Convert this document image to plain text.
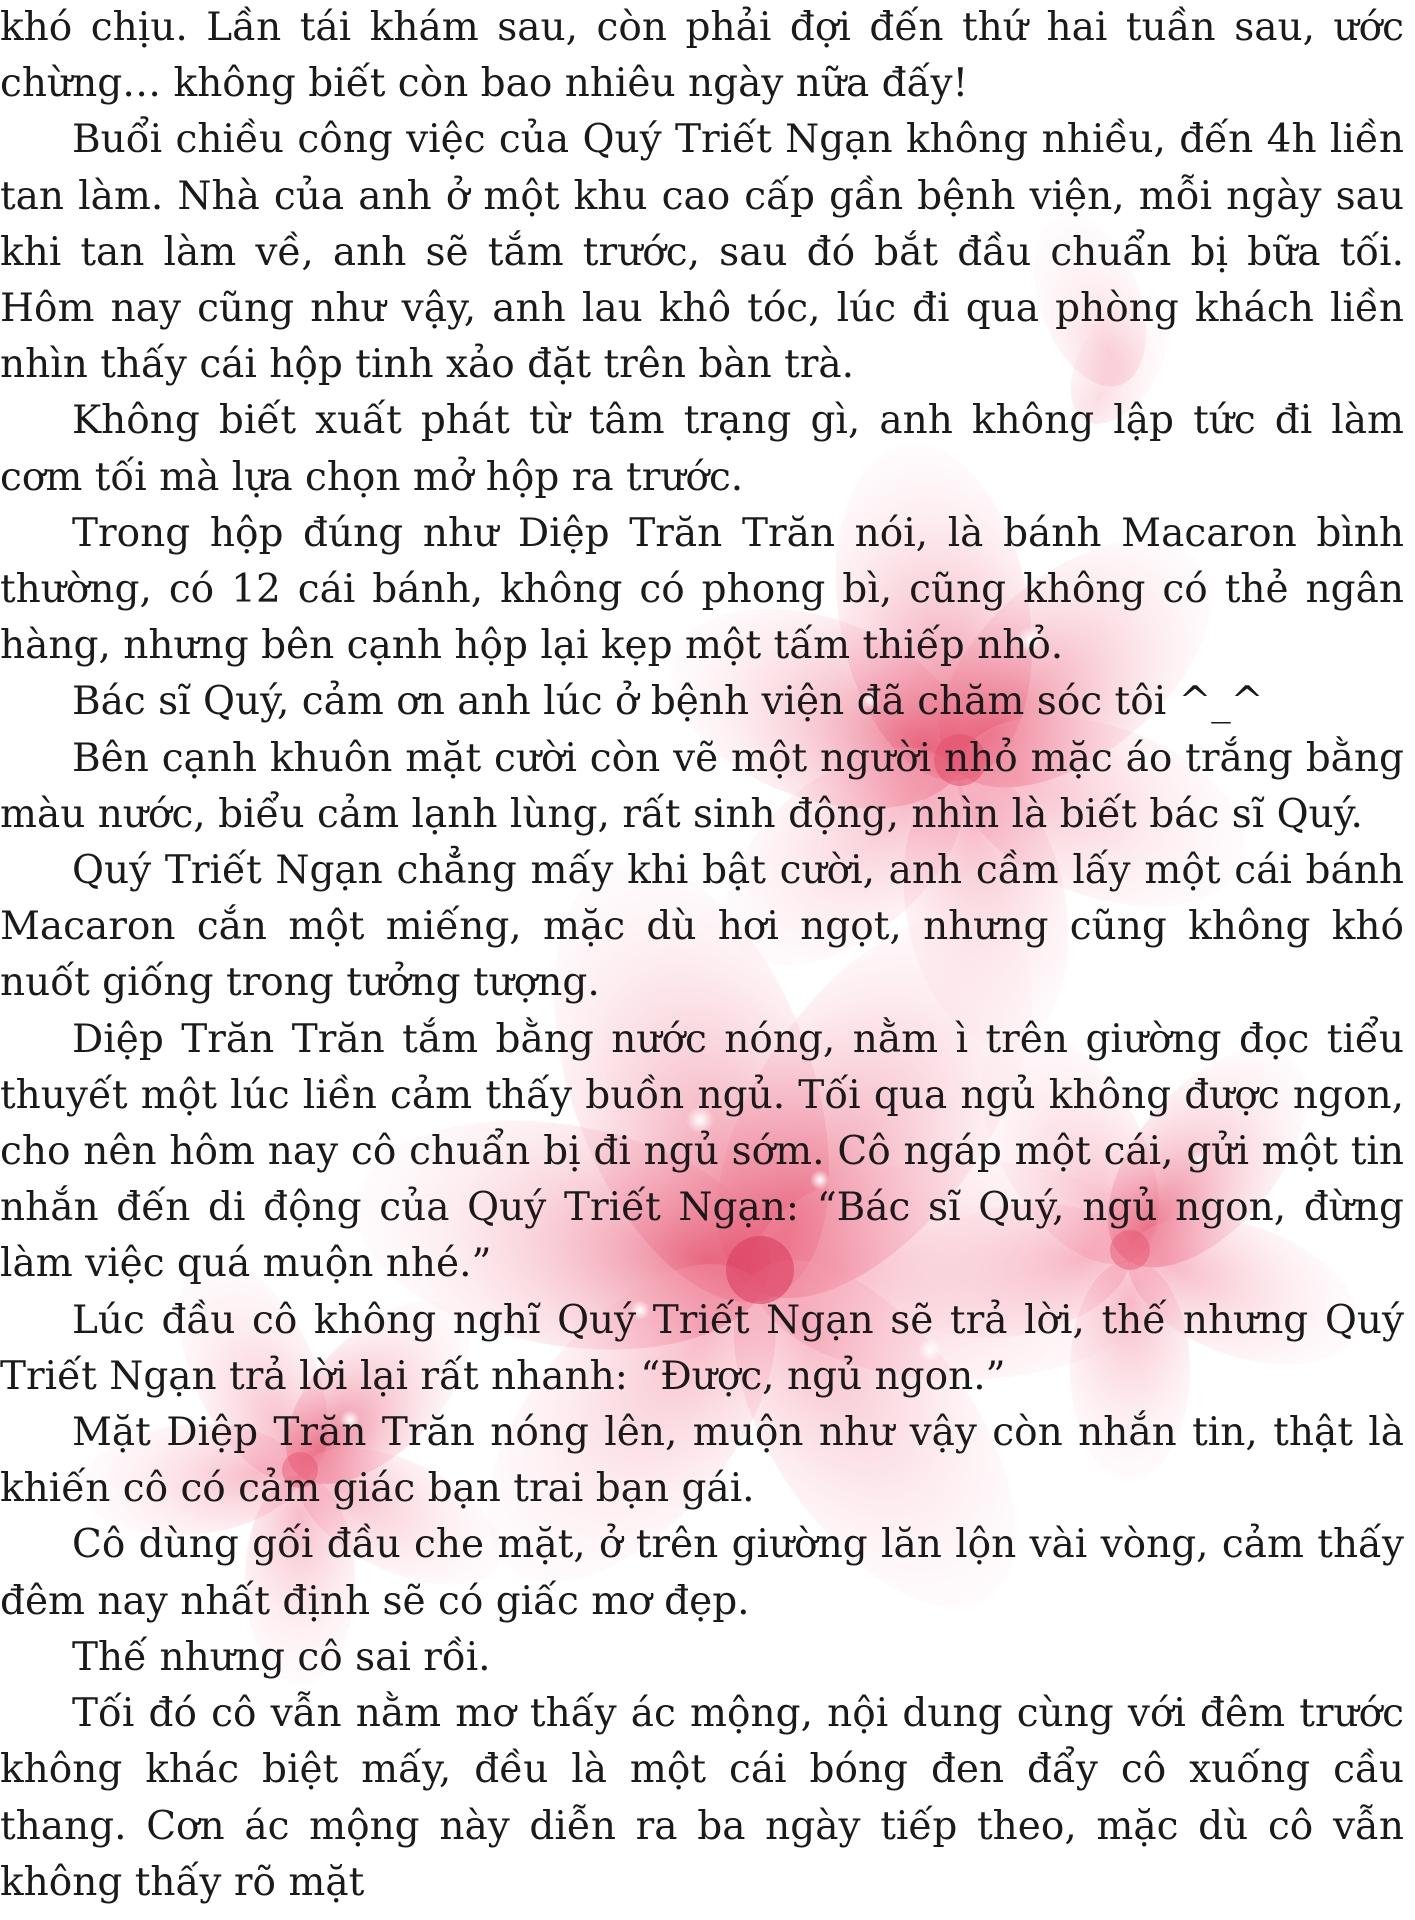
khó chịu. Lần tái khám sau, còn phải đợi đến thứ hai tuần sau, ước chừng… không biết còn bao nhiêu ngày nữa đấy!

Buổi chiều công việc của Quý Triết Ngạn không nhiều, đến 4h liền tan làm. Nhà của anh ở một khu cao cấp gần bệnh viện, mỗi ngày sau khi tan làm về, anh sẽ tắm trước, sau đó bắt đầu chuẩn bị bữa tối. Hôm nay cũng như vậy, anh lau khô tóc, lúc đi qua phòng khách liền nhìn thấy cái hộp tinh xảo đặt trên bàn trà.

Không biết xuất phát từ tâm trạng gì, anh không lập tức đi làm cơm tối mà lựa chọn mở hộp ra trước.

Trong hộp đúng như Diệp Trăn Trăn nói, là bánh Macaron bình thường, có 12 cái bánh, không có phong bì, cũng không có thẻ ngân hàng, nhưng bên cạnh hộp lại kẹp một tấm thiếp nhỏ.

Bác sĩ Quý, cảm ơn anh lúc ở bệnh viện đã chăm sóc tôi ^_^

Bên cạnh khuôn mặt cười còn vẽ một người nhỏ mặc áo trắng bằng màu nước, biểu cảm lạnh lùng, rất sinh động, nhìn là biết bác sĩ Quý.

Quý Triết Ngạn chẳng mấy khi bật cười, anh cầm lấy một cái bánh Macaron cắn một miếng, mặc dù hơi ngọt, nhưng cũng không khó nuốt giống trong tưởng tượng.

Diệp Trăn Trăn tắm bằng nước nóng, nằm ì trên giường đọc tiểu thuyết một lúc liền cảm thấy buồn ngủ. Tối qua ngủ không được ngon, cho nên hôm nay cô chuẩn bị đi ngủ sớm. Cô ngáp một cái, gửi một tin nhắn đến di động của Quý Triết Ngạn: “Bác sĩ Quý, ngủ ngon, đừng làm việc quá muộn nhé.”

Lúc đầu cô không nghĩ Quý Triết Ngạn sẽ trả lời, thế nhưng Quý Triết Ngạn trả lời lại rất nhanh: “Được, ngủ ngon.”

Mặt Diệp Trăn Trăn nóng lên, muộn như vậy còn nhắn tin, thật là khiến cô có cảm giác bạn trai bạn gái.

Cô dùng gối đầu che mặt, ở trên giường lăn lộn vài vòng, cảm thấy đêm nay nhất định sẽ có giấc mơ đẹp.

Thế nhưng cô sai rồi.

Tối đó cô vẫn nằm mơ thấy ác mộng, nội dung cùng với đêm trước không khác biệt mấy, đều là một cái bóng đen đẩy cô xuống cầu thang. Cơn ác mộng này diễn ra ba ngày tiếp theo, mặc dù cô vẫn không thấy rõ mặt
